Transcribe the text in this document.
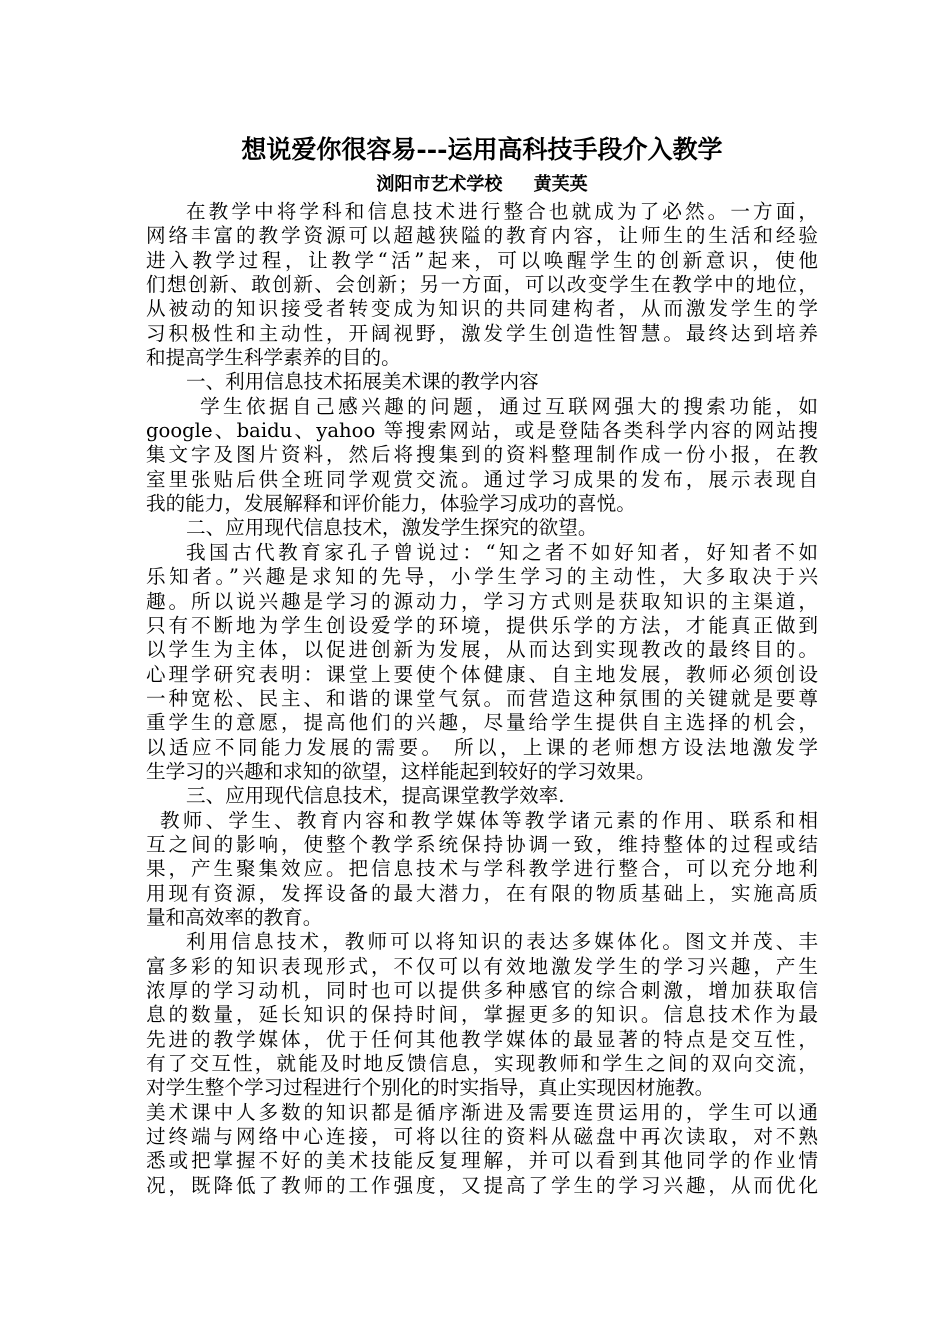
想说爱你很容易---运用高科技手段介入教学
浏阳市艺术学校     黄芙英
在教学中将学科和信息技术进行整合也就成为了必然。一方面，
网络丰富的教学资源可以超越狭隘的教育内容，让师生的生活和经验
进入教学过程，让教学“活”起来，可以唤醒学生的创新意识，使他
们想创新、敢创新、会创新；另一方面，可以改变学生在教学中的地位，
从被动的知识接受者转变成为知识的共同建构者，从而激发学生的学
习积极性和主动性，开阔视野，激发学生创造性智慧。最终达到培养
和提高学生科学素养的目的。
一、利用信息技术拓展美术课的教学内容
学生依据自己感兴趣的问题，通过互联网强大的搜索功能，如
google、baidu、yahoo 等搜索网站，或是登陆各类科学内容的网站搜
集文字及图片资料，然后将搜集到的资料整理制作成一份小报，在教
室里张贴后供全班同学观赏交流。通过学习成果的发布，展示表现自
我的能力，发展解释和评价能力，体验学习成功的喜悦。
二、应用现代信息技术，激发学生探究的欲望。
我国古代教育家孔子曾说过：“知之者不如好知者，好知者不如
乐知者。”兴趣是求知的先导，小学生学习的主动性，大多取决于兴
趣。所以说兴趣是学习的源动力，学习方式则是获取知识的主渠道，
只有不断地为学生创设爱学的环境，提供乐学的方法，才能真正做到
以学生为主体，以促进创新为发展，从而达到实现教改的最终目的。
心理学研究表明：课堂上要使个体健康、自主地发展，教师必须创设
一种宽松、民主、和谐的课堂气氛。而营造这种氛围的关键就是要尊
重学生的意愿，提高他们的兴趣，尽量给学生提供自主选择的机会，
以适应不同能力发展的需要。 所以，上课的老师想方设法地激发学
生学习的兴趣和求知的欲望，这样能起到较好的学习效果。
三、应用现代信息技术，提高课堂教学效率.
教师、学生、教育内容和教学媒体等教学诸元素的作用、联系和相
互之间的影响，使整个教学系统保持协调一致，维持整体的过程或结
果，产生聚集效应。把信息技术与学科教学进行整合，可以充分地利
用现有资源，发挥设备的最大潜力，在有限的物质基础上，实施高质
量和高效率的教育。
利用信息技术，教师可以将知识的表达多媒体化。图文并茂、丰
富多彩的知识表现形式，不仅可以有效地激发学生的学习兴趣，产生
浓厚的学习动机，同时也可以提供多种感官的综合刺激，增加获取信
息的数量，延长知识的保持时间，掌握更多的知识。信息技术作为最
先进的教学媒体，优于任何其他教学媒体的最显著的特点是交互性，
有了交互性，就能及时地反馈信息，实现教师和学生之间的双向交流，
对学生整个学习过程进行个别化的时实指导，真止实现因材施教。
美术课中人多数的知识都是循序渐进及需要连贯运用的，学生可以通
过终端与网络中心连接，可将以往的资料从磁盘中再次读取，对不熟
悉或把掌握不好的美术技能反复理解，并可以看到其他同学的作业情
况，既降低了教师的工作强度，又提高了学生的学习兴趣，从而优化
